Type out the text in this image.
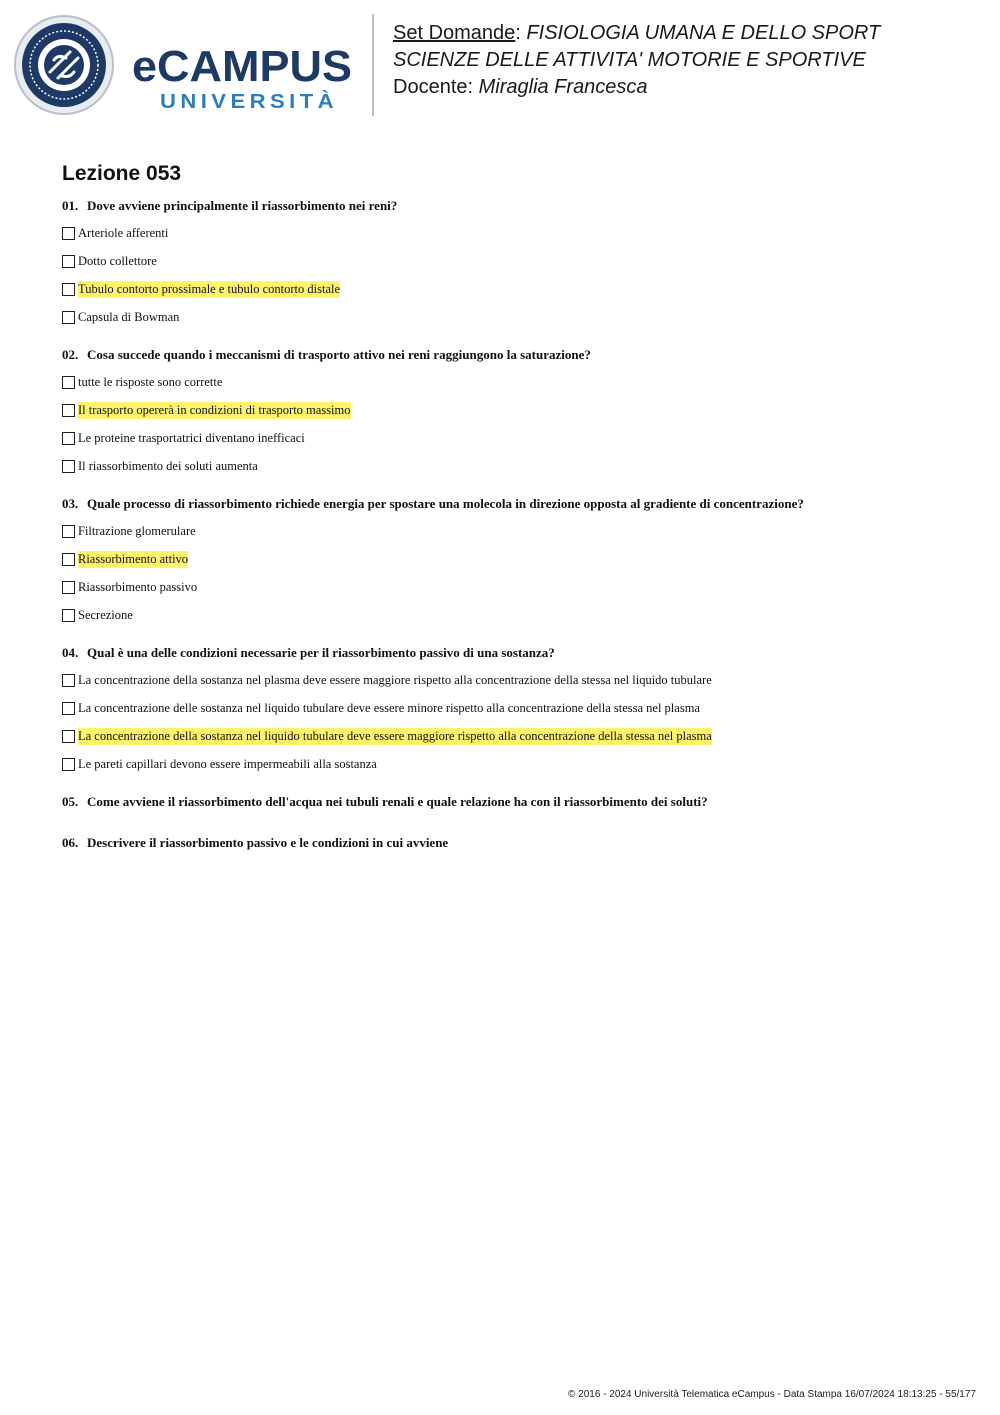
eCAMPUS
UNIVERSITÀ
Set Domande: FISIOLOGIA UMANA E DELLO SPORT
SCIENZE DELLE ATTIVITA' MOTORIE E SPORTIVE
Docente: Miraglia Francesca
Lezione 053
01. Dove avviene principalmente il riassorbimento nei reni?
Arteriole afferenti
Dotto collettore
Tubulo contorto prossimale e tubulo contorto distale
Capsula di Bowman
02. Cosa succede quando i meccanismi di trasporto attivo nei reni raggiungono la saturazione?
tutte le risposte sono corrette
Il trasporto opererà in condizioni di trasporto massimo
Le proteine trasportatrici diventano inefficaci
Il riassorbimento dei soluti aumenta
03. Quale processo di riassorbimento richiede energia per spostare una molecola in direzione opposta al gradiente di concentrazione?
Filtrazione glomerulare
Riassorbimento attivo
Riassorbimento passivo
Secrezione
04. Qual è una delle condizioni necessarie per il riassorbimento passivo di una sostanza?
La concentrazione della sostanza nel plasma deve essere maggiore rispetto alla concentrazione della stessa nel liquido tubulare
La concentrazione delle sostanza nel liquido tubulare deve essere minore rispetto alla concentrazione della stessa nel plasma
La concentrazione della sostanza nel liquido tubulare deve essere maggiore rispetto alla concentrazione della stessa nel plasma
Le pareti capillari devono essere impermeabili alla sostanza
05. Come avviene il riassorbimento dell'acqua nei tubuli renali e quale relazione ha con il riassorbimento dei soluti?
06. Descrivere il riassorbimento passivo e le condizioni in cui avviene
© 2016 - 2024 Università Telematica eCampus - Data Stampa 16/07/2024 18:13:25 - 55/177
